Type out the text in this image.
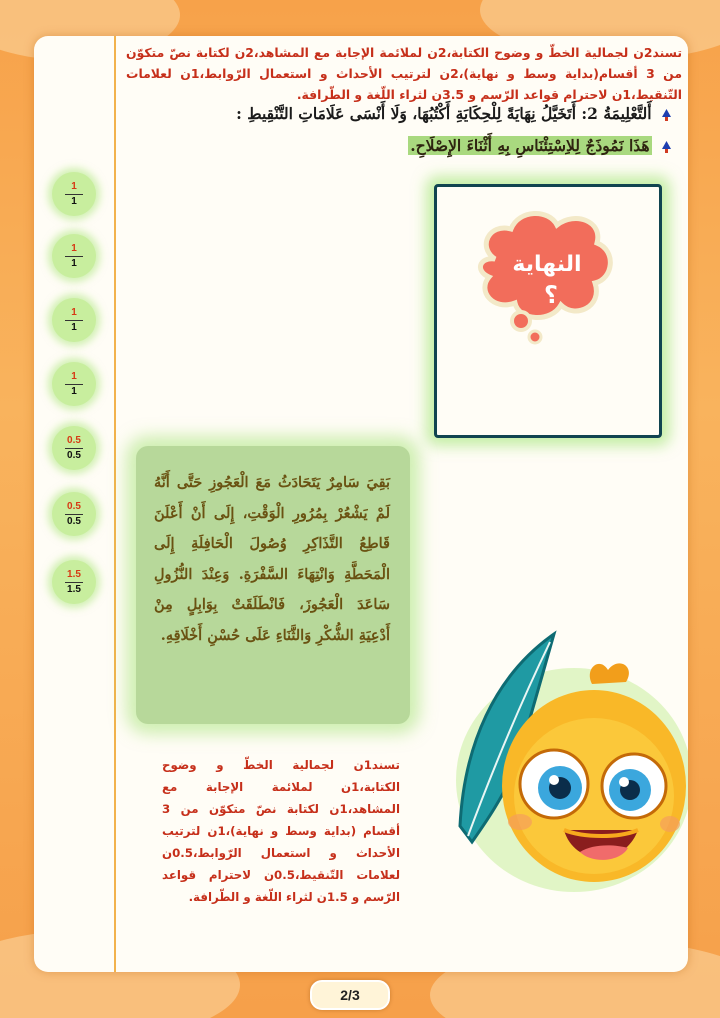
تسند2ن لجمالية الخطّ و وضوح الكتابة،2ن لملائمة الإجابة مع المشاهد،2ن لكتابة نصّ متكوّن من 3 أقسام(بداية وسط و نهاية)،2ن لترتيب الأحداث و استعمال الرّوابط،1ن لعلامات التّنقيط،1ن لاحترام قواعد الرّسم و 3.5ن لثراء اللّغة و الطّرافة.
أَلتَّعْلِيمَةُ 2: أَتَخَيَّلُ نِهَايَةً لِلْحِكَايَةِ أَكْتُبُهَا، وَلَا أَنْسَى عَلَامَاتِ التَّنْقِيطِ :
هَذَا نَمُوذَجٌ لِلاِسْتِئْنَاسِ بِهِ أَثْنَاءَ الإِصْلَاحِ.
1
1
1
1
1
1
1
1
0.5
0.5
0.5
0.5
1.5
1.5
النهاية
؟
بَقِيَ سَامِرٌ يَتَحَادَثُ مَعَ الْعَجُوزِ حَتَّى أَنَّهُ لَمْ يَشْعُرْ بِمُرُورِ الْوَقْتِ، إِلَى أَنْ أَعْلَنَ قَاطِعُ التَّذَاكِرِ وُصُولَ الْحَافِلَةِ إِلَى الْمَحَطَّةِ وَانْتِهَاءَ السَّفْرَةِ. وَعِنْدَ النُّزُولِ سَاعَدَ الْعَجُوزَ، فَانْطَلَقَتْ بِوَابِلٍ مِنْ أَدْعِيَةِ الشُّكْرِ وَالثَّنَاءِ عَلَى حُسْنِ أَخْلَاقِهِ.
تسند1ن لجمالية الخطّ و وضوح الكتابة،1ن لملائمة الإجابة مع المشاهد،1ن لكتابة نصّ متكوّن من 3 أقسام (بداية وسط و نهاية)،1ن لترتيب الأحداث و استعمال الرّوابط،0.5ن لعلامات التّنقيط،0.5ن لاحترام قواعد الرّسم و 1.5ن لثراء اللّغة و الطّرافة.
2/3
